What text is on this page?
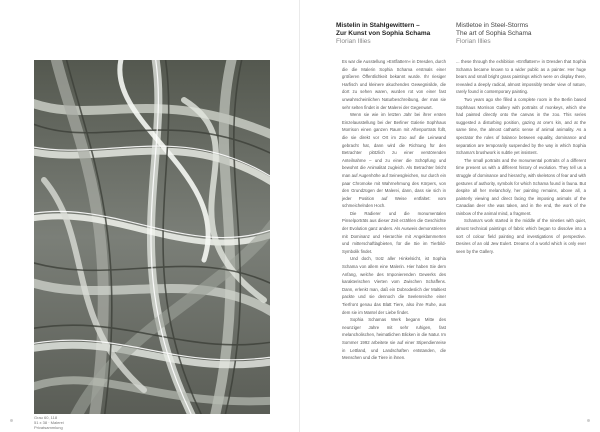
Grau 60, 118
51 x 38 · Malerei
Privatsammlung
Mistelin in Stahlgewittern –
Zur Kunst von Sophia Schama
Florian Illies
Mistletoe in Steel-Storms
The art of Sophia Schama
Florian Illies

Es war die Ausstellung »Entflattern« in Dresden, durch die die Malerin Sophia Schama erstmals einer größeren Öffentlichkeit bekannt wurde. Ihr riesiger Harfisch und kleinere akuchendes Gewegnisilde, die dort zu sehen waren, wurden rot von einer fast unwahrscheinlichen Naturbeschreibung, der man sie sehr selten findet in der Malerei der Gegenwart.

Wenn sie wie im letzten Jahr bei ihrer ersten Einzelausstellung bei der Berliner Galerie Sophhaus Morrison einen ganzen Raum mit Aftenportrats füllt, die sie direkt vor Ort im Zoo auf die Leinwand gebracht hat, dann wird die Richtung für den Betrachter plötzlich zu einer verstörenden Anteilnahme – und zu einer die Schöpfung und bewohnt die Animalitat zugleich. Als Betrachter bricht man auf Augenhöhe auf Seinesgleichen, nur durch ein paar Chromoke mit Wahrnehmung des Körpers, von den Grundzügen der Malerei, dann, dass sie sich in jeder Position auf Weise entfaltet: vom schmeichelnden Hoch.

Die Radierer und die monumentalen Pinselporträts aus dieser Zeit erzählen die Geschichte der Evolution ganz anders. Als Ausweis demonstrieren mit Dominanz und Hierarchie mit Angeklammerten und mitterschaftlagbieten, für die Sie im Tierbild-Symbolik findet.

Und doch, trotz aller Hinkelsicht, ist Sophia Schama von allem eine Malerin. Hier haben Sie dem Anfang, welche des Imponierenden Gewerks des karakterischen Vierten vom Zwischen Schaffens. Dann, erlenkt man, daß ein Dobrodeslich der Maltiest packte und sie dennoch die Seelenreiche einer Tierfront genau das Blatt Tiere, also ihre Ruhe, aus dem sie im Mantel der Liebe findet.

Sophia Schamas Werk begann Mitte des neunziger Jahre mit sehr ruhigen, fast melancholischen, heimatlichen Blicken in die Natur. Im Sommer 1992 arbeitete sie auf einer Stipendienreise in Lettland, und Landschaften entstanden, die Menschen und die Tiere in ihnen.

... these through the exhibition »Entflattern« in Dresden that Sophia Schama became known to a wider public as a painter. Her huge bears and small bright grass paintings which were on display there, revealed a deeply radical, almost impossibly tender view of nature, rarely found in contemporary painting.

Two years ago she filled a complete room in the Berlin based Sophhaus Morrison Gallery with portraits of monkeys, which she had painted directly onto the canvas in the zoo. This series suggested a disturbing position, gazing at one's kin, and at the same time, the almost cathartic sense of animal animality. As a spectator the rules of balance between equality, dominance and separation are temporarily suspended by the way in which Sophia Schama's brushwork is subtle yet insistent.

The small portraits and the monumental portraits of a different time present us with a different history of evolution. They tell us a struggle of dominance and hierarchy, with skeletons of fear and with gestures of authority, symbols for which Schama found in fauna. But despite all her melancholy, her painting remains, above all, a painterly viewing and direct facing the imposing animals of the Canadian deer she was taken, and in the end, the work of the rainbow of the animal mind, a fragment.

Schama's work started in the middle of the nineties with quiet, almost technical paintings of fabric which began to dissolve into a sort of colour field painting and investigations of perspective. Desires of an old Jew Eulert. Dreams of a world which is only ever seen by the Gallery.
